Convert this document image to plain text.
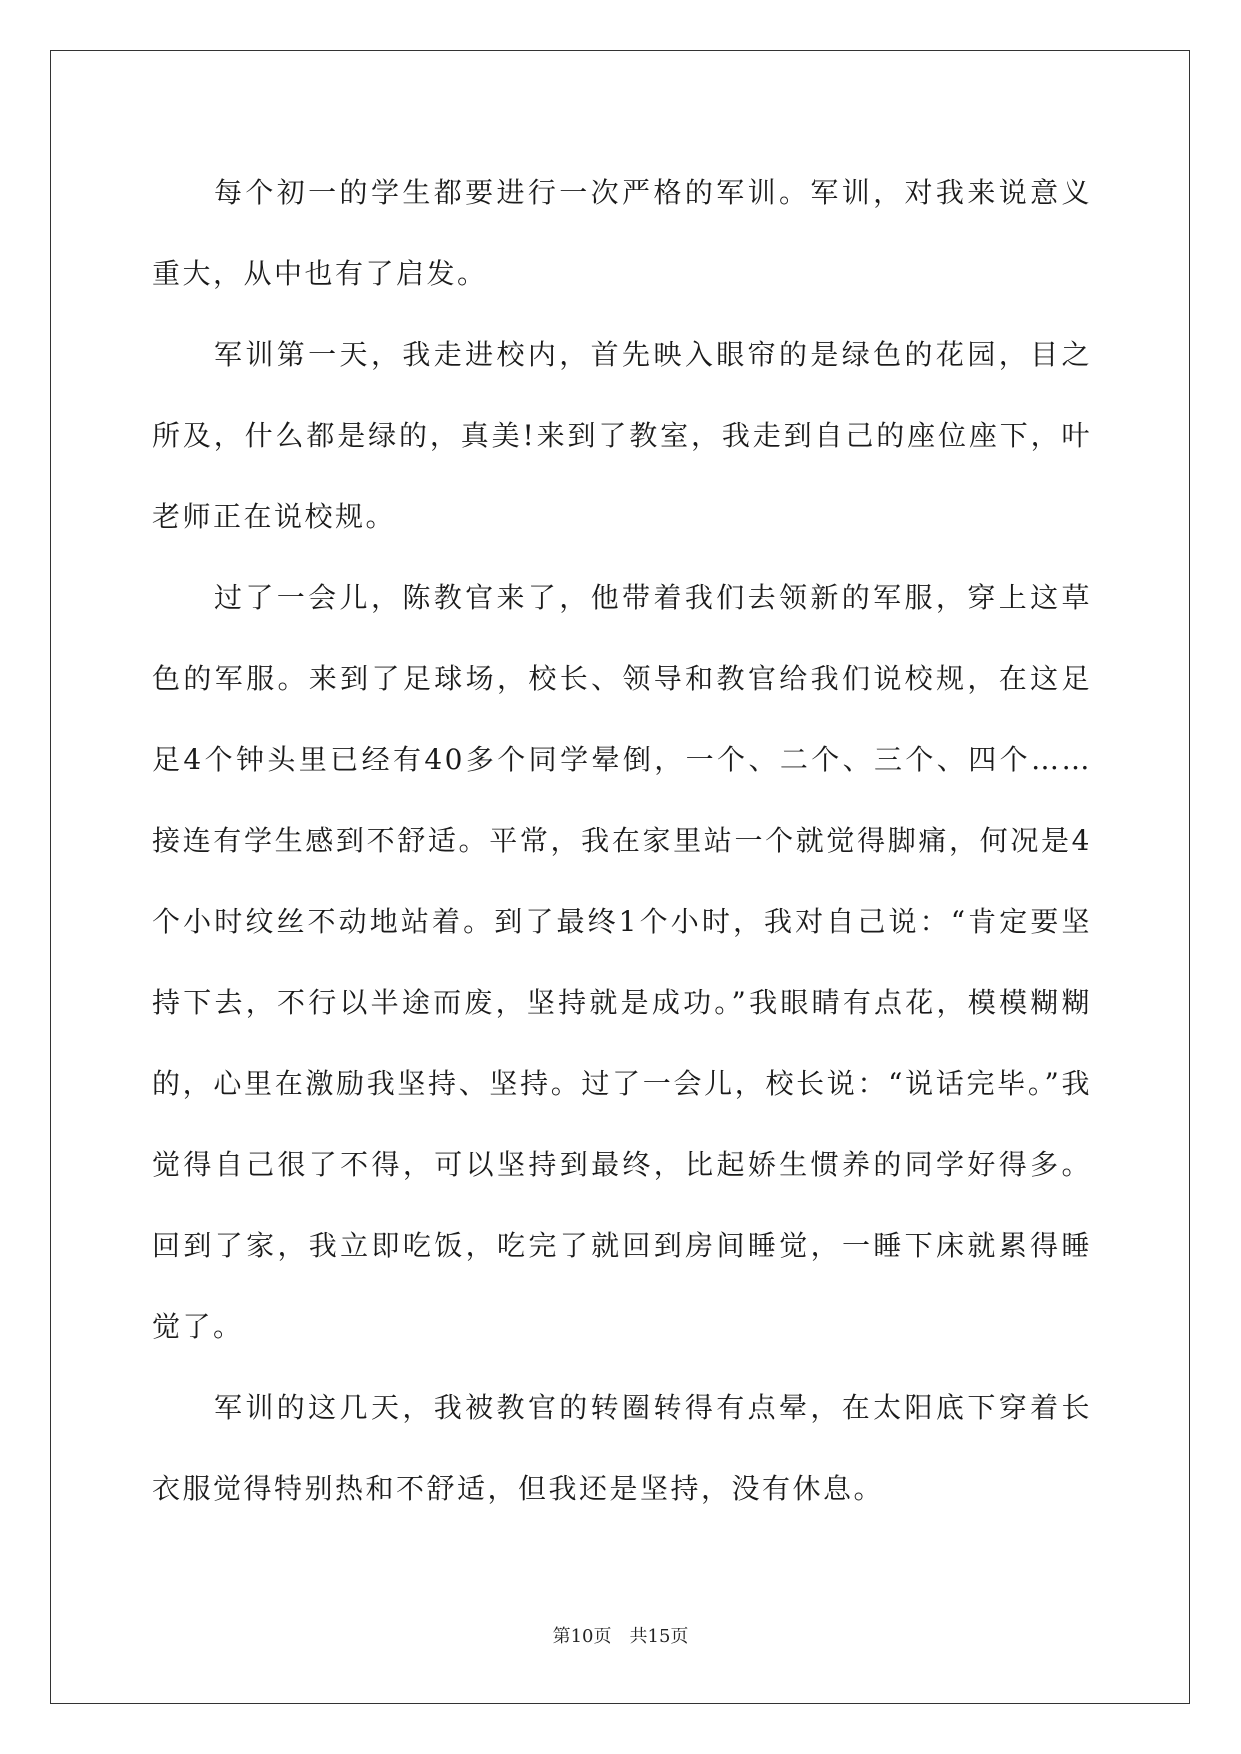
每个初一的学生都要进行一次严格的军训。军训，对我来说意义重大，从中也有了启发。

军训第一天，我走进校内，首先映入眼帘的是绿色的花园，目之所及，什么都是绿的，真美!来到了教室，我走到自己的座位座下，叶老师正在说校规。

过了一会儿，陈教官来了，他带着我们去领新的军服，穿上这草色的军服。来到了足球场，校长、领导和教官给我们说校规，在这足足4个钟头里已经有40多个同学晕倒，一个、二个、三个、四个……接连有学生感到不舒适。平常，我在家里站一个就觉得脚痛，何况是4个小时纹丝不动地站着。到了最终1个小时，我对自己说：“肯定要坚持下去，不行以半途而废，坚持就是成功。”我眼睛有点花，模模糊糊的，心里在激励我坚持、坚持。过了一会儿，校长说：“说话完毕。”我觉得自己很了不得，可以坚持到最终，比起娇生惯养的同学好得多。回到了家，我立即吃饭，吃完了就回到房间睡觉，一睡下床就累得睡觉了。

军训的这几天，我被教官的转圈转得有点晕，在太阳底下穿着长衣服觉得特别热和不舒适，但我还是坚持，没有休息。

第10页 共15页
